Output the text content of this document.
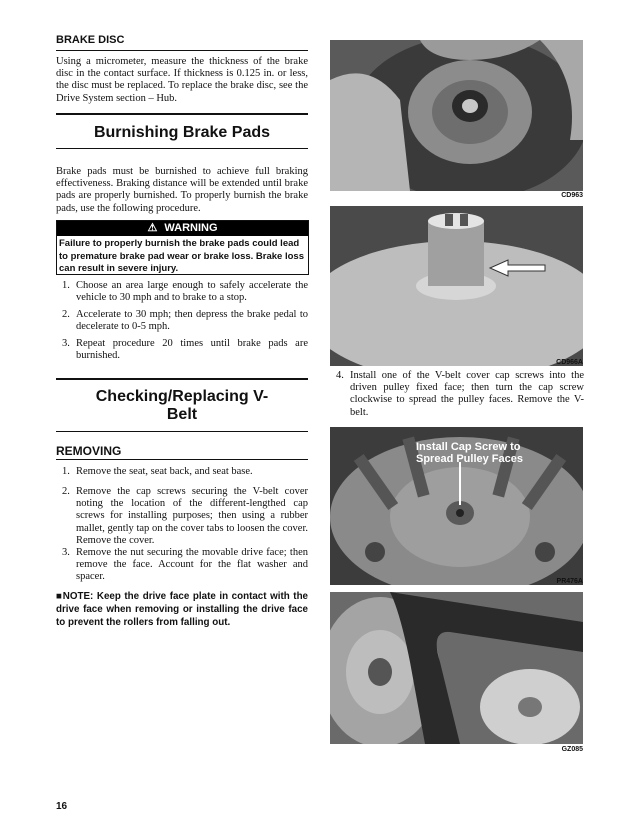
BRAKE DISC
Using a micrometer, measure the thickness of the brake disc in the contact surface. If thickness is 0.125 in. or less, the disc must be replaced. To replace the brake disc, see the Drive System section – Hub.
Burnishing Brake Pads
Brake pads must be burnished to achieve full braking effectiveness. Braking distance will be extended until brake pads are properly burnished. To properly burnish the brake pads, use the following procedure.
⚠ WARNING
Failure to properly burnish the brake pads could lead to premature brake pad wear or brake loss. Brake loss can result in severe injury.
1. Choose an area large enough to safely accelerate the vehicle to 30 mph and to brake to a stop.
2. Accelerate to 30 mph; then depress the brake pedal to decelerate to 0-5 mph.
3. Repeat procedure 20 times until brake pads are burnished.
Checking/Replacing V-
Belt
REMOVING
1. Remove the seat, seat back, and seat base.
2. Remove the cap screws securing the V-belt cover noting the location of the different-lengthed cap screws for installing purposes; then using a rubber mallet, gently tap on the cover tabs to loosen the cover. Remove the cover.
3. Remove the nut securing the movable drive face; then remove the face. Account for the flat washer and spacer.
■NOTE: Keep the drive face plate in contact with the drive face when removing or installing the drive face to prevent the rollers from falling out.
CD963
CD966A
4. Install one of the V-belt cover cap screws into the driven pulley fixed face; then turn the cap screw clockwise to spread the pulley faces. Remove the V-belt.
Install Cap Screw to
Spread Pulley Faces
PR476A
GZ085
16
